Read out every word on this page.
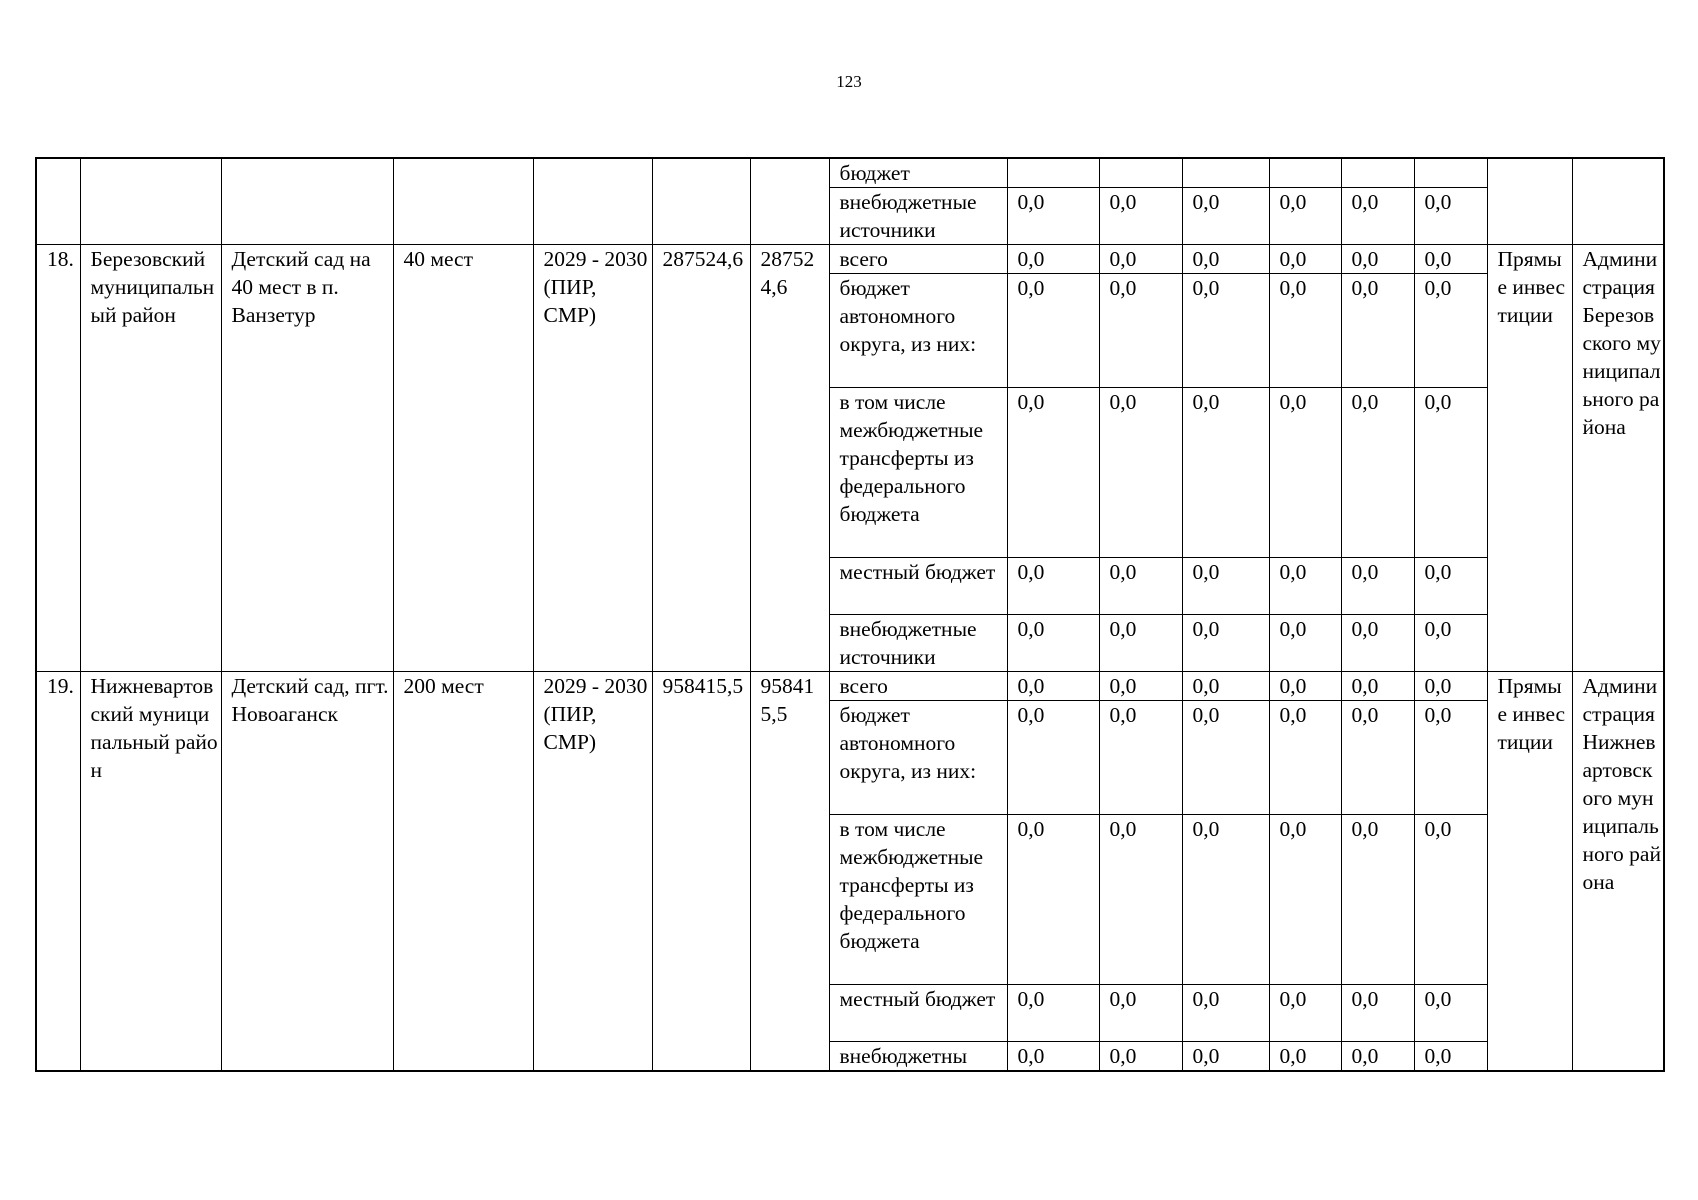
123
							бюджет								
							внебюджетные источники	0,0	0,0	0,0	0,0	0,0	0,0		
18.	Березовский муниципальный район	Детский сад на 40 мест в п. Ванзетур	40 мест	2029 - 2030 (ПИР, СМР)	287524,6	287524,6	всего	0,0	0,0	0,0	0,0	0,0	0,0	Прямые инвестиции	Администрация Березовского муниципального района
							бюджет автономного округа, из них:	0,0	0,0	0,0	0,0	0,0	0,0		
							в том числе межбюджетные трансферты из федерального бюджета	0,0	0,0	0,0	0,0	0,0	0,0		
							местный бюджет	0,0	0,0	0,0	0,0	0,0	0,0		
							внебюджетные источники	0,0	0,0	0,0	0,0	0,0	0,0		
19.	Нижневартовский муниципальный район	Детский сад, пгт. Новоаганск	200 мест	2029 - 2030 (ПИР, СМР)	958415,5	958415,5	всего	0,0	0,0	0,0	0,0	0,0	0,0	Прямые инвестиции	Администрация Нижневартовского муниципального района
							бюджет автономного округа, из них:	0,0	0,0	0,0	0,0	0,0	0,0		
							в том числе межбюджетные трансферты из федерального бюджета	0,0	0,0	0,0	0,0	0,0	0,0		
							местный бюджет	0,0	0,0	0,0	0,0	0,0	0,0		
							внебюджетны	0,0	0,0	0,0	0,0	0,0	0,0		
